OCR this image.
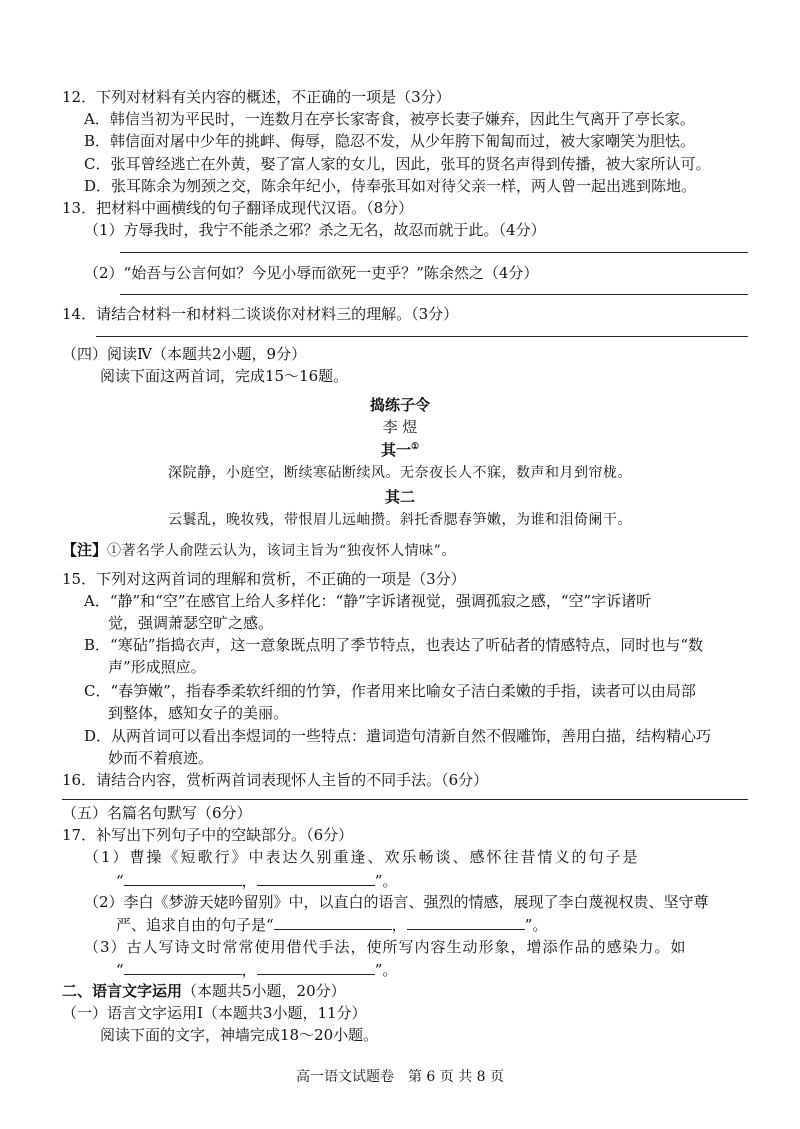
12．下列对材料有关内容的概述，不正确的一项是（3分）
A．韩信当初为平民时，一连数月在亭长家寄食，被亭长妻子嫌弃，因此生气离开了亭长家。
B．韩信面对屠中少年的挑衅、侮辱，隐忍不发，从少年胯下匍匐而过，被大家嘲笑为胆怯。
C．张耳曾经逃亡在外黄，娶了富人家的女儿，因此，张耳的贤名声得到传播，被大家所认可。
D．张耳陈余为刎颈之交，陈余年纪小，侍奉张耳如对待父亲一样，两人曾一起出逃到陈地。
13．把材料中画横线的句子翻译成现代汉语。（8分）
（1）方辱我时，我宁不能杀之邪？杀之无名，故忍而就于此。（4分）
（2）“始吾与公言何如？今见小辱而欲死一吏乎？”陈余然之（4分）
14．请结合材料一和材料二谈谈你对材料三的理解。（3分）
（四）阅读Ⅳ（本题共2小题，9分）
阅读下面这两首词，完成15～16题。
捣练子令
李 煜
其一①
深院静，小庭空，断续寒砧断续风。无奈夜长人不寐，数声和月到帘栊。
其二
云鬟乱，晚妆残，带恨眉儿远岫攒。斜托香腮春笋嫩，为谁和泪倚阑干。
【注】①著名学人俞陛云认为，该词主旨为“独夜怀人情味”。
15．下列对这两首词的理解和赏析，不正确的一项是（3分）
A．“静”和“空”在感官上给人多样化：“静”字诉诸视觉，强调孤寂之感，“空”字诉诸听
觉，强调萧瑟空旷之感。
B．“寒砧”指捣衣声，这一意象既点明了季节特点，也表达了听砧者的情感特点，同时也与“数
声”形成照应。
C．“春笋嫩”，指春季柔软纤细的竹笋，作者用来比喻女子洁白柔嫩的手指，读者可以由局部
到整体，感知女子的美丽。
D．从两首词可以看出李煜词的一些特点：遣词造句清新自然不假雕饰，善用白描，结构精心巧
妙而不着痕迹。
16．请结合内容，赏析两首词表现怀人主旨的不同手法。（6分）
（五）名篇名句默写（6分）
17．补写出下列句子中的空缺部分。（6分）
（1）曹操《短歌行》中表达久别重逢、欢乐畅谈、感怀往昔情义的句子是
“	，	”。
（2）李白《梦游天姥吟留别》中，以直白的语言、强烈的情感，展现了李白蔑视权贵、坚守尊
严、追求自由的句子是“	，	”。
（3）古人写诗文时常常使用借代手法，使所写内容生动形象，增添作品的感染力。如
“	，	”。
二、语言文字运用（本题共5小题，20分）
（一）语言文字运用Ⅰ（本题共3小题，11分）
阅读下面的文字，神墙完成18～20小题。
高一语文试题卷　第 6 页 共 8 页
